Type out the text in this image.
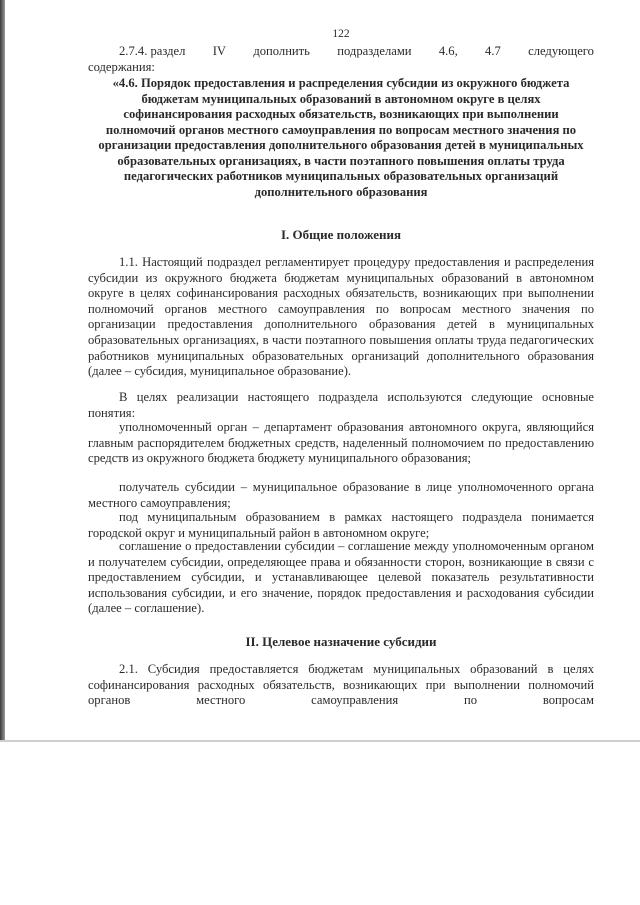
122
2.7.4. раздел IV дополнить подразделами 4.6, 4.7 следующего
содержания:
«4.6. Порядок предоставления и распределения субсидии из окружного бюджета бюджетам муниципальных образований в автономном округе в целях софинансирования расходных обязательств, возникающих при выполнении полномочий органов местного самоуправления по вопросам местного значения по организации предоставления дополнительного образования детей в муниципальных образовательных организациях, в части поэтапного повышения оплаты труда педагогических работников муниципальных образовательных организаций дополнительного образования
I. Общие положения
1.1. Настоящий подраздел регламентирует процедуру предоставления и распределения субсидии из окружного бюджета бюджетам муниципальных образований в автономном округе в целях софинансирования расходных обязательств, возникающих при выполнении полномочий органов местного самоуправления по вопросам местного значения по организации предоставления дополнительного образования детей в муниципальных образовательных организациях, в части поэтапного повышения оплаты труда педагогических работников муниципальных образовательных организаций дополнительного образования (далее – субсидия, муниципальное образование).
В целях реализации настоящего подраздела используются следующие основные понятия:
уполномоченный орган – департамент образования автономного округа, являющийся главным распорядителем бюджетных средств, наделенный полномочием по предоставлению средств из окружного бюджета бюджету муниципального образования;
получатель субсидии – муниципальное образование в лице уполномоченного органа местного самоуправления;
под муниципальным образованием в рамках настоящего подраздела понимается городской округ и муниципальный район в автономном округе;
соглашение о предоставлении субсидии – соглашение между уполномоченным органом и получателем субсидии, определяющее права и обязанности сторон, возникающие в связи с предоставлением субсидии, и устанавливающее целевой показатель результативности использования субсидии, и его значение, порядок предоставления и расходования субсидии (далее – соглашение).
II. Целевое назначение субсидии
2.1. Субсидия предоставляется бюджетам муниципальных образований в целях софинансирования расходных обязательств, возникающих при выполнении полномочий органов местного самоуправления по вопросам
